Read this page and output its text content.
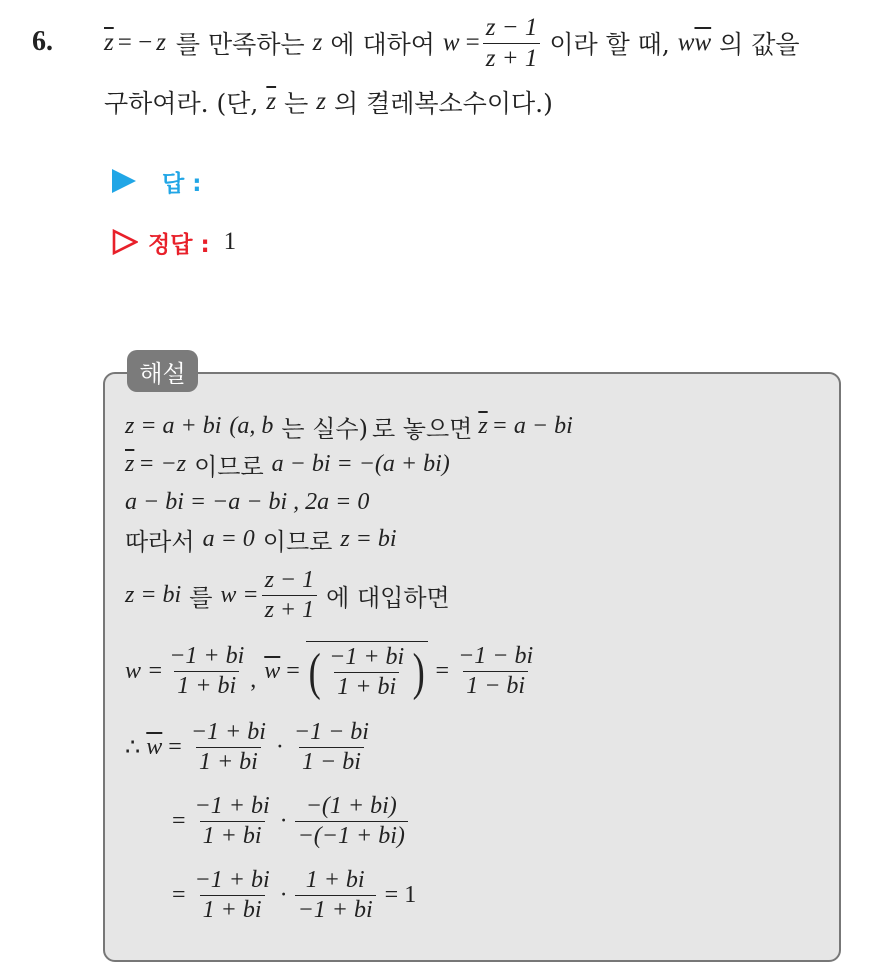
6. $\overline{z}$ = − z 를 만족하는 z 에 대하여 $w = \frac{z - 1}{z + 1}$ 이라 할 때, w $\overline{w}$ 의 값을
구하여라. (단, $\overline{z}$ 는 z 의 켤레복소수이다.)
답 :
정답 : 1
해설
z = a + bi (a, b 는 실수) 로 놓으면 $\overline{z} = a$ − bi
$\overline{z} = -z$ 이므로 a − bi = −(a + bi)
a − bi = −a − bi , 2a = 0
따라서 a = 0 이므로 z = bi
z = bi 를 $w = \frac{z - 1}{z + 1}$ 에 대입하면
$w = \frac{-1 + bi}{1 + bi}$ , $\overline{w}$ = ( $\frac{-1 + bi}{1 + bi}$ ) = $\frac{-1 - bi}{1 - bi}$
∴ $\overline{w} = \frac{-1 + bi}{1 + bi} \cdot \frac{-1 - bi}{1 - bi}$
= $\frac{-1 + bi}{1 + bi} \cdot \frac{-(1 + bi)}{-(-1 + bi)}$
= $\frac{-1 + bi}{1 + bi} \cdot \frac{1 + bi}{-1 + bi} = 1$
